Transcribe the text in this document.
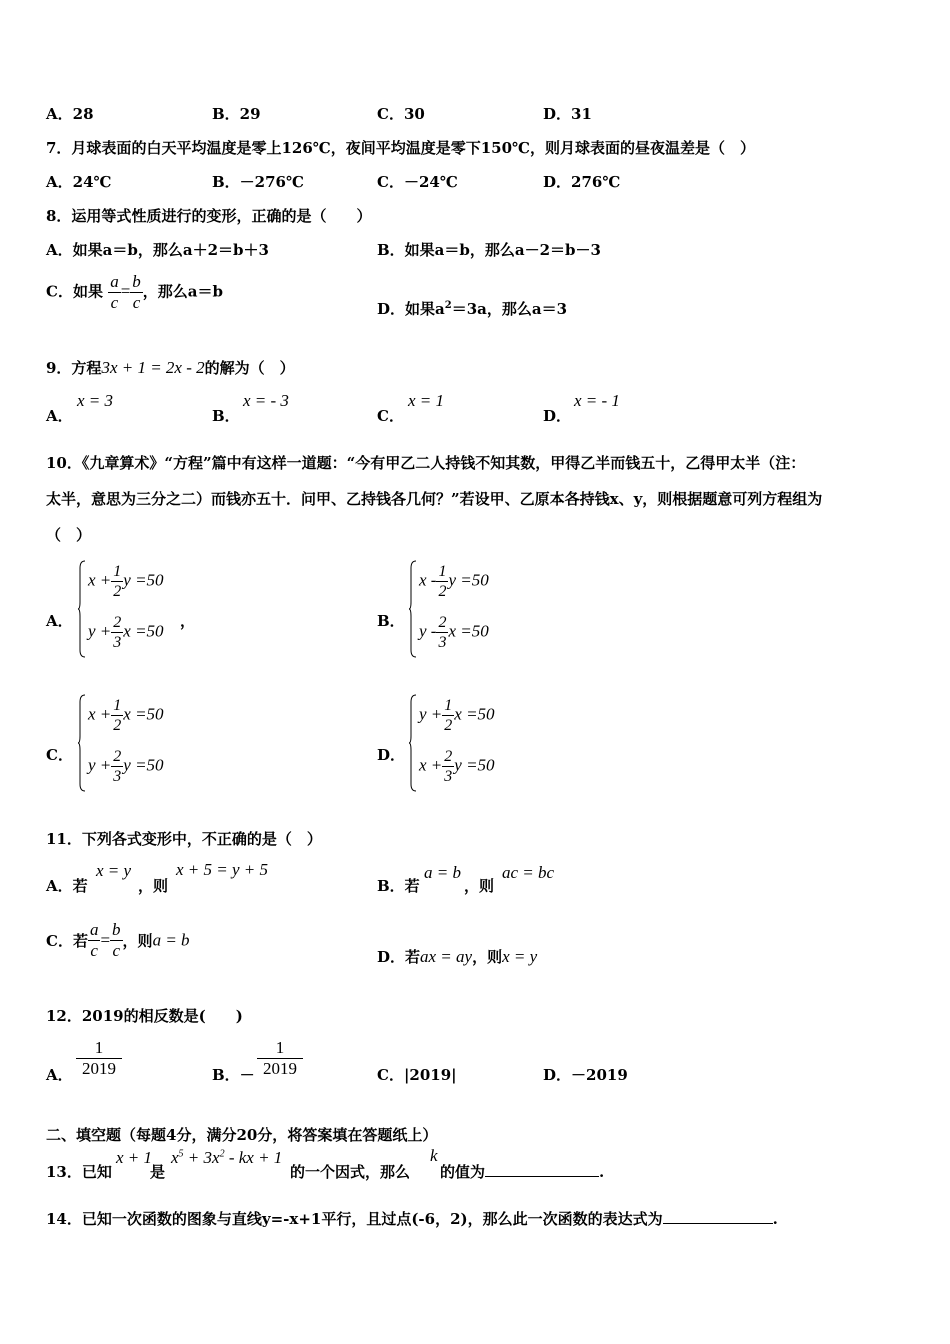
A．28	B．29	C．30	D．31
7．月球表面的白天平均温度是零上126℃，夜间平均温度是零下150℃，则月球表面的昼夜温差是（　）
A．24℃	B．－276℃	C．－24℃	D．276℃
8．运用等式性质进行的变形，正确的是（　　）
A．如果a＝b，那么a＋2＝b＋3	B．如果a＝b，那么a－2＝b－3
C．如果 $\frac{a}{c} = \frac{b}{c}$ ，那么a＝b
D．如果$a^2=3a$，那么a＝3
9．方程3x + 1 = 2x - 2的解为（　）
A．
x = 3
B．
x = - 3
C．
x = 1
D．
x = - 1
10．《九章算术》“方程”篇中有这样一道题：“今有甲乙二人持钱不知其数，甲得乙半而钱五十，乙得甲太半（注：
太半，意思为三分之二）而钱亦五十．问甲、乙持钱各几何？”若设甲、乙原本各持钱x、y，则根据题意可列方程组为
（　）
A．
$x + \frac{1}{2}$ y =50
$y + \frac{2}{3}$ x =50
，	B．
x - $\frac{1}{2}$ y =50
y - $\frac{2}{3}$ x =50
C．
$x + \frac{1}{2}$ x =50
$y + \frac{2}{3}$ y =50
D．
$y + \frac{1}{2}$ x =50
$x + \frac{2}{3}$ y =50
11．下列各式变形中，不正确的是（　）
A．若
x = y
，则
x + 5 = y + 5
B．若
a = b
，则
ac = bc
C．若 $\frac{a}{c} = \frac{b}{c}$ ，则a = b
D．若ax = ay，则x = y
12．2019的相反数是(　　)
A． $\frac{1}{2019}$	B．－ $\frac{1}{2019}$	C．|2019|	D．－2019
二、填空题（每题4分，满分20分，将答案填在答题纸上）
13．已知
x + 1
是
$x^5 + 3x^2$ - kx + 1
的一个因式，那么
k
的值为	.
14．已知一次函数的图象与直线y=-x+1平行，且过点(-6，2)，那么此一次函数的表达式为	.
